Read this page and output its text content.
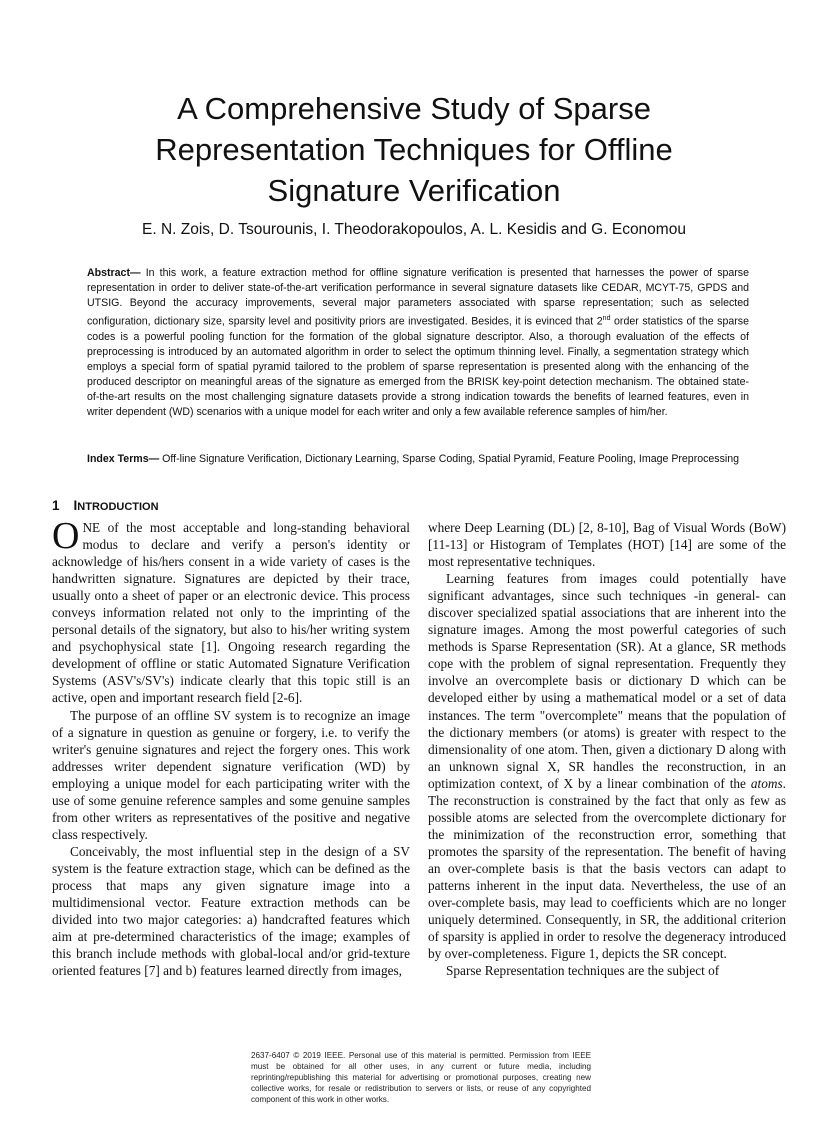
A Comprehensive Study of Sparse
Representation Techniques for Offline
Signature Verification
E. N. Zois, D. Tsourounis, I. Theodorakopoulos, A. L. Kesidis and G. Economou
Abstract— In this work, a feature extraction method for offline signature verification is presented that harnesses the power of sparse representation in order to deliver state-of-the-art verification performance in several signature datasets like CEDAR, MCYT-75, GPDS and UTSIG. Beyond the accuracy improvements, several major parameters associated with sparse representation; such as selected configuration, dictionary size, sparsity level and positivity priors are investigated. Besides, it is evinced that 2nd order statistics of the sparse codes is a powerful pooling function for the formation of the global signature descriptor. Also, a thorough evaluation of the effects of preprocessing is introduced by an automated algorithm in order to select the optimum thinning level. Finally, a segmentation strategy which employs a special form of spatial pyramid tailored to the problem of sparse representation is presented along with the enhancing of the produced descriptor on meaningful areas of the signature as emerged from the BRISK key-point detection mechanism. The obtained state-of-the-art results on the most challenging signature datasets provide a strong indication towards the benefits of learned features, even in writer dependent (WD) scenarios with a unique model for each writer and only a few available reference samples of him/her.
Index Terms— Off-line Signature Verification, Dictionary Learning, Sparse Coding, Spatial Pyramid, Feature Pooling, Image Preprocessing
1 INTRODUCTION

ONE of the most acceptable and long-standing behavioral modus to declare and verify a person's identity or acknowledge of his/hers consent in a wide variety of cases is the handwritten signature. Signatures are depicted by their trace, usually onto a sheet of paper or an electronic device. This process conveys information related not only to the imprinting of the personal details of the signatory, but also to his/her writing system and psychophysical state [1]. Ongoing research regarding the development of offline or static Automated Signature Verification Systems (ASV's/SV's) indicate clearly that this topic still is an active, open and important research field [2-6].

The purpose of an offline SV system is to recognize an image of a signature in question as genuine or forgery, i.e. to verify the writer's genuine signatures and reject the forgery ones. This work addresses writer dependent signature verification (WD) by employing a unique model for each participating writer with the use of some genuine reference samples and some genuine samples from other writers as representatives of the positive and negative class respectively.

Conceivably, the most influential step in the design of a SV system is the feature extraction stage, which can be defined as the process that maps any given signature image into a multidimensional vector. Feature extraction methods can be divided into two major categories: a) handcrafted features which aim at pre-determined characteristics of the image; examples of this branch include methods with global-local and/or grid-texture oriented features [7] and b) features learned directly from images,

where Deep Learning (DL) [2, 8-10], Bag of Visual Words (BoW) [11-13] or Histogram of Templates (HOT) [14] are some of the most representative techniques.

Learning features from images could potentially have significant advantages, since such techniques -in general- can discover specialized spatial associations that are inherent into the signature images. Among the most powerful categories of such methods is Sparse Representation (SR). At a glance, SR methods cope with the problem of signal representation. Frequently they involve an overcomplete basis or dictionary D which can be developed either by using a mathematical model or a set of data instances. The term "overcomplete" means that the population of the dictionary members (or atoms) is greater with respect to the dimensionality of one atom. Then, given a dictionary D along with an unknown signal X, SR handles the reconstruction, in an optimization context, of X by a linear combination of the atoms. The reconstruction is constrained by the fact that only as few as possible atoms are selected from the overcomplete dictionary for the minimization of the reconstruction error, something that promotes the sparsity of the representation. The benefit of having an over-complete basis is that the basis vectors can adapt to patterns inherent in the input data. Nevertheless, the use of an over-complete basis, may lead to coefficients which are no longer uniquely determined. Consequently, in SR, the additional criterion of sparsity is applied in order to resolve the degeneracy introduced by over-completeness. Figure 1, depicts the SR concept.

Sparse Representation techniques are the subject of

2637-6407 © 2019 IEEE. Personal use of this material is permitted. Permission from IEEE must be obtained for all other uses, in any current or future media, including reprinting/republishing this material for advertising or promotional purposes, creating new collective works, for resale or redistribution to servers or lists, or reuse of any copyrighted component of this work in other works.
